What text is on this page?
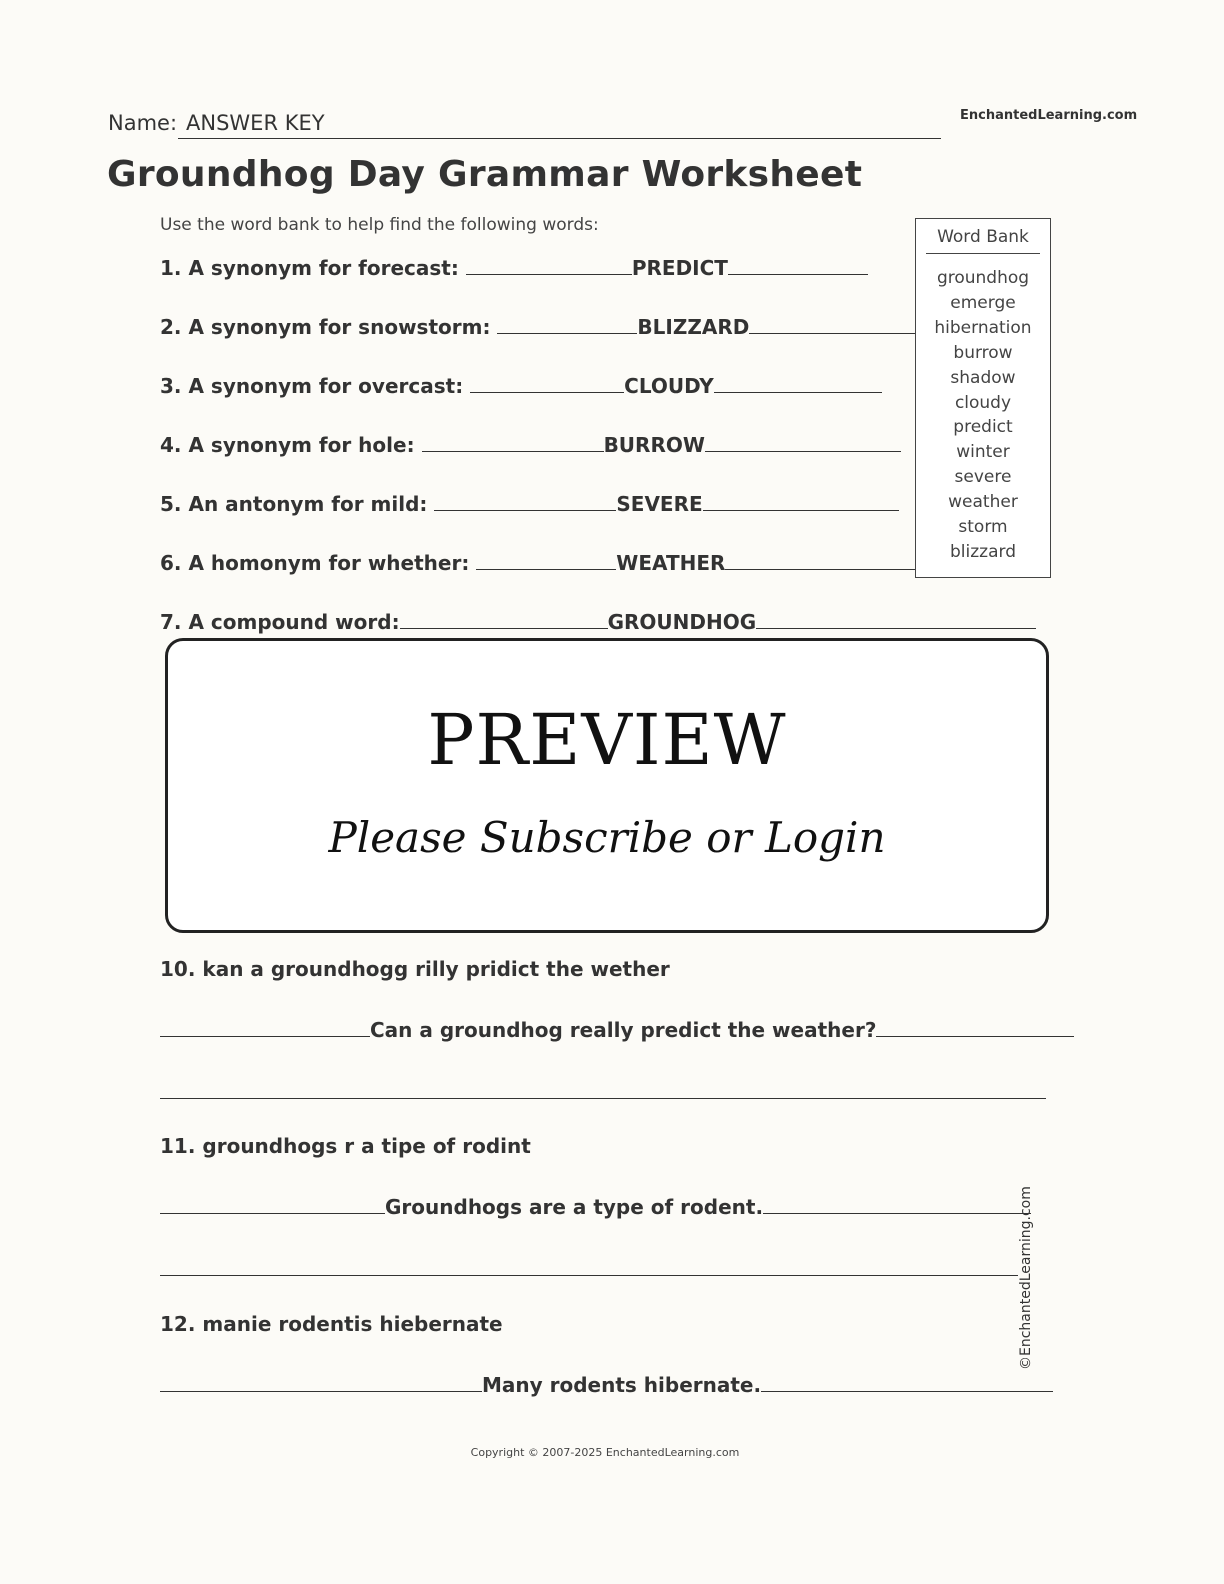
Name: ANSWER KEY	EnchantedLearning.com
Groundhog Day Grammar Worksheet
Use the word bank to help find the following words:
1. A synonym for forecast:	PREDICT
2. A synonym for snowstorm:	BLIZZARD
3. A synonym for overcast:	CLOUDY
4. A synonym for hole:	BURROW
5. An antonym for mild:	SEVERE
6. A homonym for whether:	WEATHER
7. A compound word:	GROUNDHOG
Word Bank
groundhog
emerge
hibernation
burrow
shadow
cloudy
predict
winter
severe
weather
storm
blizzard
PREVIEW
Please Subscribe or Login
10. kan a groundhogg rilly pridict the wether
Can a groundhog really predict the weather?
11. groundhogs r a tipe of rodint
Groundhogs are a type of rodent.
12. manie rodentis hiebernate
Many rodents hibernate.
©EnchantedLearning.com
Copyright © 2007-2025 EnchantedLearning.com
